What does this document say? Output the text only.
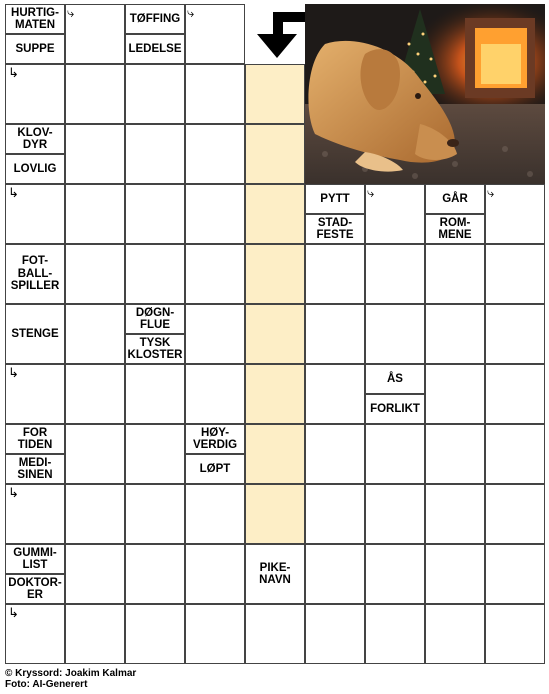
HURTIG-
MATEN
SUPPE
TØFFING
LEDELSE
KLOV-
DYR
LOVLIG
PYTT
STAD-
FESTE
GÅR
ROM-
MENE
FOT-
BALL-
SPILLER
STENGE
DØGN-
FLUE
TYSK
KLOSTER
ÅS
FORLIKT
FOR
TIDEN
MEDI-
SINEN
HØY-
VERDIG
LØPT
GUMMI-
LIST
DOKTOR-
ER
PIKE-
NAVN
⤷	⤷
↳
↳	⤷	⤷
↳
↳
↳
© Kryssord: Joakim Kalmar
Foto: AI-Generert
